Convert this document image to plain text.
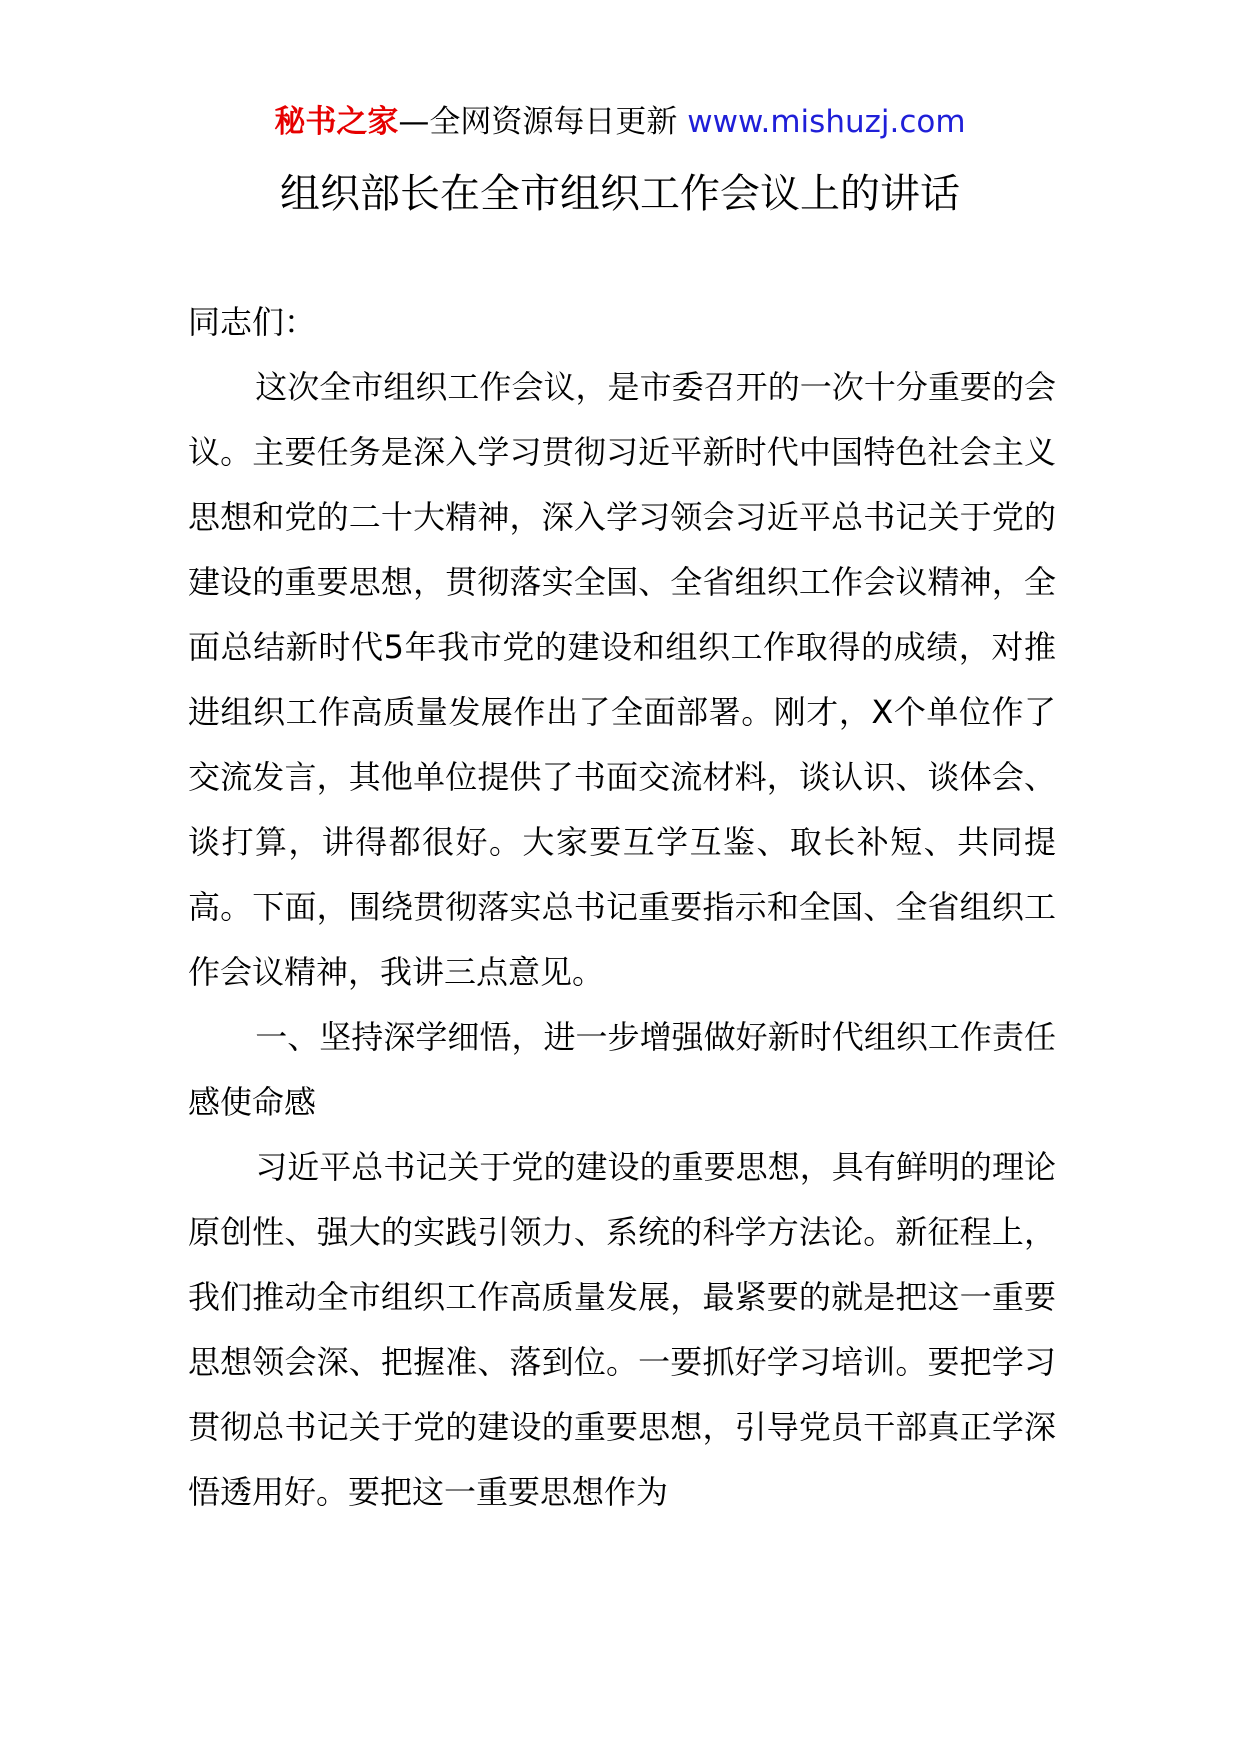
秘书之家—全网资源每日更新 www.mishuzj.com
组织部长在全市组织工作会议上的讲话

同志们：

这次全市组织工作会议，是市委召开的一次十分重要的会议。主要任务是深入学习贯彻习近平新时代中国特色社会主义思想和党的二十大精神，深入学习领会习近平总书记关于党的建设的重要思想，贯彻落实全国、全省组织工作会议精神，全面总结新时代5年我市党的建设和组织工作取得的成绩，对推进组织工作高质量发展作出了全面部署。刚才，X个单位作了交流发言，其他单位提供了书面交流材料，谈认识、谈体会、谈打算，讲得都很好。大家要互学互鉴、取长补短、共同提高。下面，围绕贯彻落实总书记重要指示和全国、全省组织工作会议精神，我讲三点意见。

一、坚持深学细悟，进一步增强做好新时代组织工作责任感使命感

习近平总书记关于党的建设的重要思想，具有鲜明的理论原创性、强大的实践引领力、系统的科学方法论。新征程上，我们推动全市组织工作高质量发展，最紧要的就是把这一重要思想领会深、把握准、落到位。一要抓好学习培训。要把学习贯彻总书记关于党的建设的重要思想，引导党员干部真正学深悟透用好。要把这一重要思想作为
